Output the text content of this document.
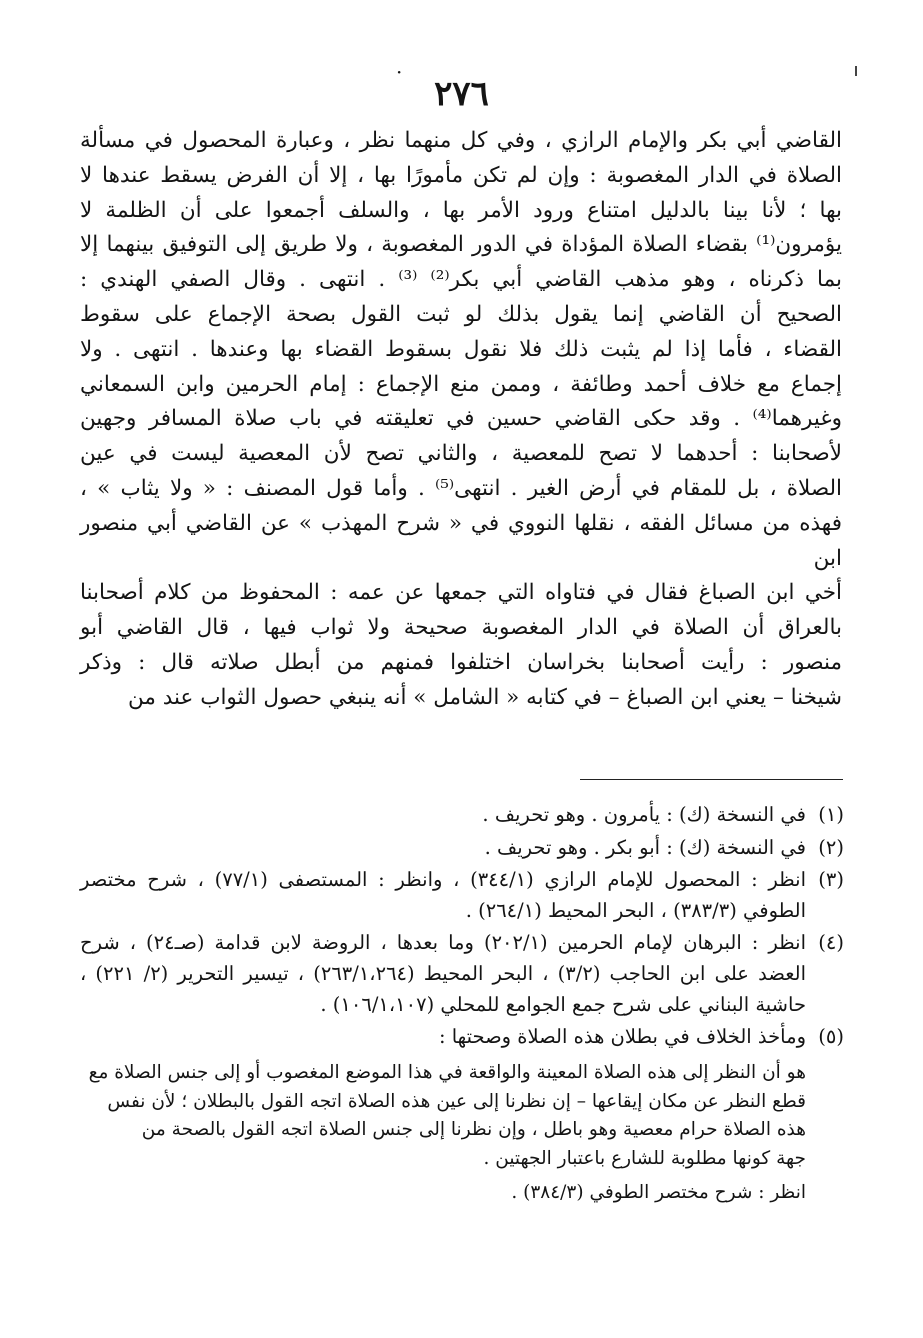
·
٢٧٦

القاضي أبي بكر والإمام الرازي ، وفي كل منهما نظر ، وعبارة المحصول في مسألة

الصلاة في الدار المغصوبة : وإن لم تكن مأمورًا بها ، إلا أن الفرض يسقط عندها لا

بها ؛ لأنا بينا بالدليل امتناع ورود الأمر بها ، والسلف أجمعوا على أن الظلمة لا

يؤمرون⁽¹⁾ بقضاء الصلاة المؤداة في الدور المغصوبة ، ولا طريق إلى التوفيق بينهما إلا

بما ذكرناه ، وهو مذهب القاضي أبي بكر⁽²⁾ ⁽³⁾ . انتهى . وقال الصفي الهندي :

الصحيح أن القاضي إنما يقول بذلك لو ثبت القول بصحة الإجماع على سقوط

القضاء ، فأما إذا لم يثبت ذلك فلا نقول بسقوط القضاء بها وعندها . انتهى . ولا

إجماع مع خلاف أحمد وطائفة ، وممن منع الإجماع : إمام الحرمين وابن السمعاني

وغيرهما⁽⁴⁾ . وقد حكى القاضي حسين في تعليقته في باب صلاة المسافر وجهين

لأصحابنا : أحدهما لا تصح للمعصية ، والثاني تصح لأن المعصية ليست في عين

الصلاة ، بل للمقام في أرض الغير . انتهى⁽⁵⁾ . وأما قول المصنف : « ولا يثاب » ،

فهذه من مسائل الفقه ، نقلها النووي في « شرح المهذب » عن القاضي أبي منصور ابن

أخي ابن الصباغ فقال في فتاواه التي جمعها عن عمه : المحفوظ من كلام أصحابنا

بالعراق أن الصلاة في الدار المغصوبة صحيحة ولا ثواب فيها ، قال القاضي أبو

منصور : رأيت أصحابنا بخراسان اختلفوا فمنهم من أبطل صلاته قال : وذكر

شيخنا – يعني ابن الصباغ – في كتابه « الشامل » أنه ينبغي حصول الثواب عند من

(١)
في النسخة (ك) : يأمرون . وهو تحريف .
(٢)
في النسخة (ك) : أبو بكر . وهو تحريف .
(٣)
انظر : المحصول للإمام الرازي (٣٤٤/١) ، وانظر : المستصفى (٧٧/١) ، شرح مختصر الطوفي (٣٨٣/٣) ، البحر المحيط (٢٦٤/١) .
(٤)
انظر : البرهان لإمام الحرمين (٢٠٢/١) وما بعدها ، الروضة لابن قدامة (صـ٢٤) ، شرح العضد على ابن الحاجب (٣/٢) ، البحر المحيط (٢٦٣/١،٢٦٤) ، تيسير التحرير (٢/ ٢٢١) ، حاشية البناني على شرح جمع الجوامع للمحلي (١٠٦/١،١٠٧) .
(٥)
ومأخذ الخلاف في بطلان هذه الصلاة وصحتها :

هو أن النظر إلى هذه الصلاة المعينة والواقعة في هذا الموضع المغصوب أو إلى جنس الصلاة مع

قطع النظر عن مكان إيقاعها – إن نظرنا إلى عين هذه الصلاة اتجه القول بالبطلان ؛ لأن نفس

هذه الصلاة حرام معصية وهو باطل ، وإن نظرنا إلى جنس الصلاة اتجه القول بالصحة من

جهة كونها مطلوبة للشارع باعتبار الجهتين .

انظر : شرح مختصر الطوفي (٣٨٤/٣) .
